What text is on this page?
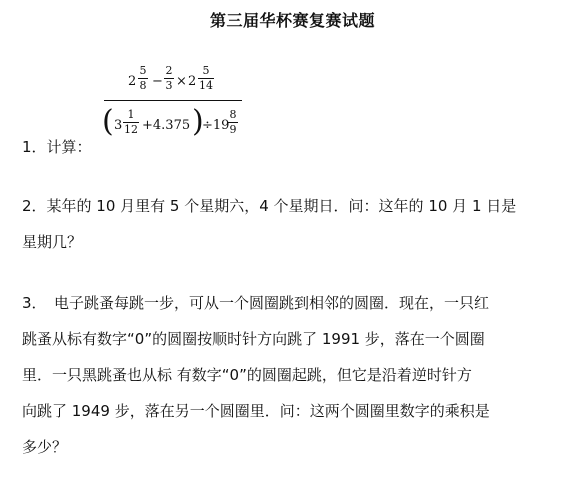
第三届华杯赛复赛试题
2
5
8 −
2
3 × 2
5
14
( 3
1
12 +4.375 )
÷19
8
9
1．计算：
2．某年的 10 月里有 5 个星期六，4 个星期日．问：这年的 10 月 1 日是
星期几？
3．　电子跳蚤每跳一步，可从一个圆圈跳到相邻的圆圈．现在，一只红
跳蚤从标有数字“0”的圆圈按顺时针方向跳了 1991 步，落在一个圆圈
里．一只黑跳蚤也从标 有数字“0”的圆圈起跳，但它是沿着逆时针方
向跳了 1949 步，落在另一个圆圈里．问：这两个圆圈里数字的乘积是
多少？
